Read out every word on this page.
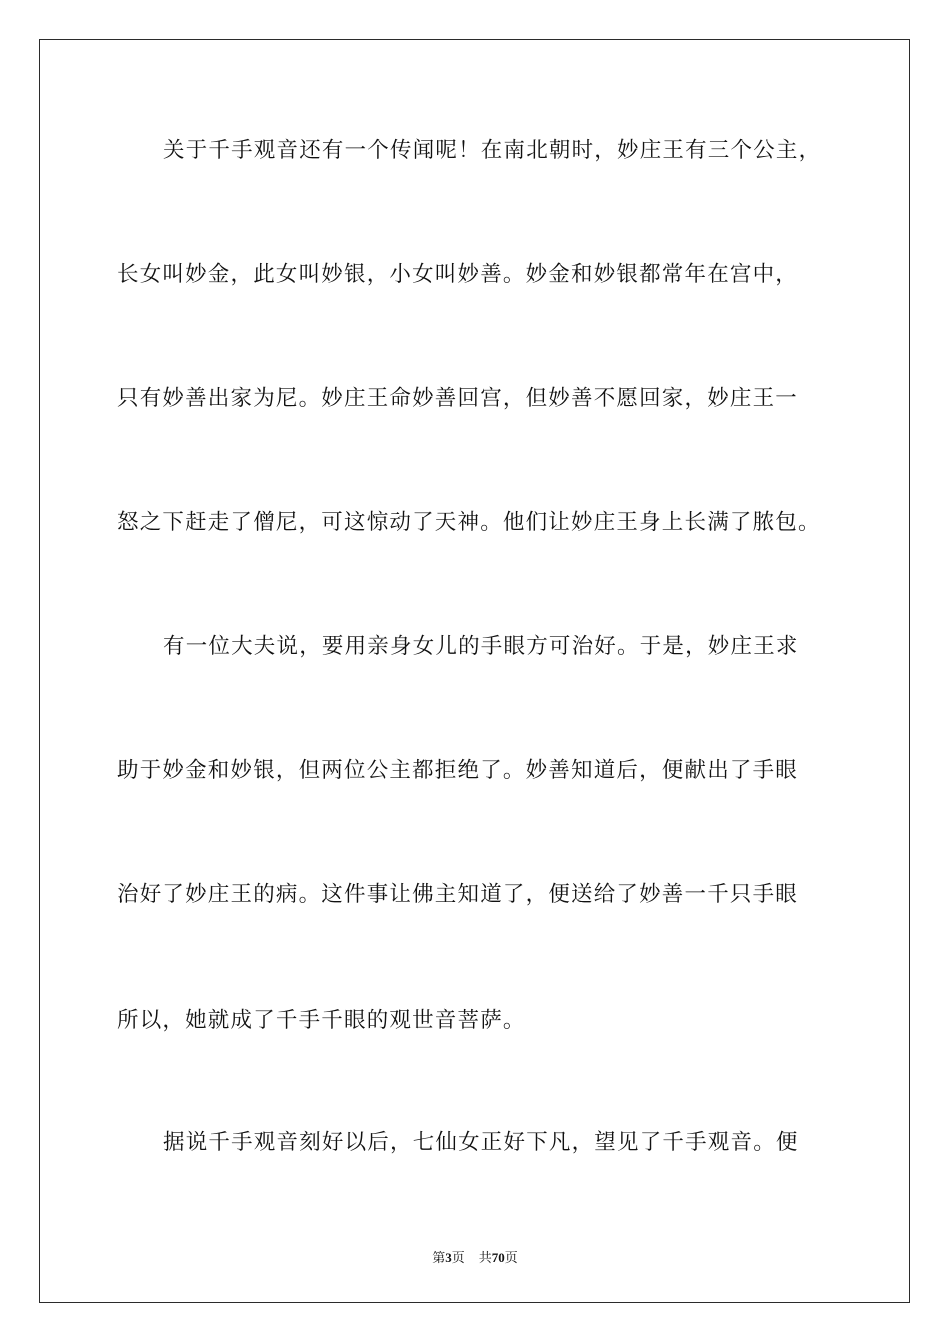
关于千手观音还有一个传闻呢！在南北朝时，妙庄王有三个公主，
长女叫妙金，此女叫妙银，小女叫妙善。妙金和妙银都常年在宫中，
只有妙善出家为尼。妙庄王命妙善回宫，但妙善不愿回家，妙庄王一
怒之下赶走了僧尼，可这惊动了天神。他们让妙庄王身上长满了脓包。
有一位大夫说，要用亲身女儿的手眼方可治好。于是，妙庄王求
助于妙金和妙银，但两位公主都拒绝了。妙善知道后，便献出了手眼
治好了妙庄王的病。这件事让佛主知道了，便送给了妙善一千只手眼
所以，她就成了千手千眼的观世音菩萨。
据说千手观音刻好以后，七仙女正好下凡，望见了千手观音。便
第3页 共70页
